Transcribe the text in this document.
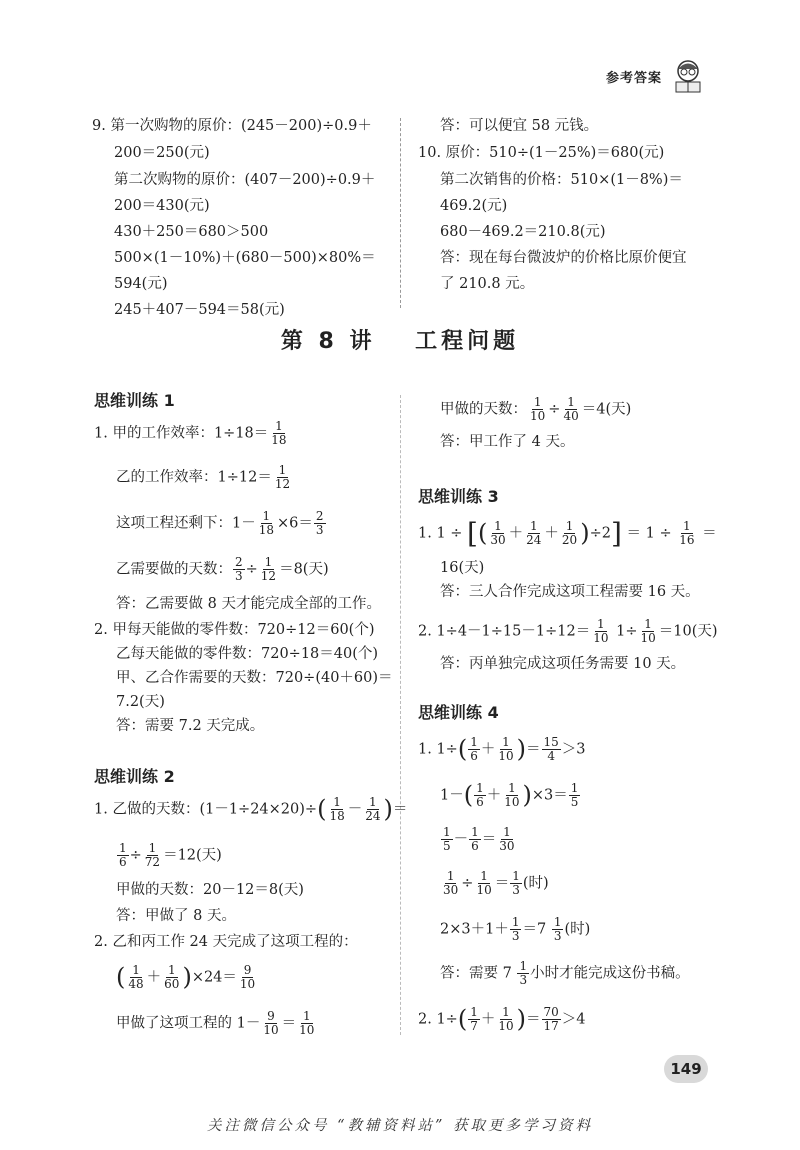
参考答案
9. 第一次购物的原价：(245－200)÷0.9＋
200＝250(元)
第二次购物的原价：(407－200)÷0.9＋
200＝430(元)
430＋250＝680＞500
500×(1－10%)＋(680－500)×80%＝
594(元)
245＋407－594＝58(元)
答：可以便宜 58 元钱。
10. 原价：510÷(1－25%)＝680(元)
第二次销售的价格：510×(1－8%)＝
469.2(元)
680－469.2＝210.8(元)
答：现在每台微波炉的价格比原价便宜
了 210.8 元。
第 8 讲 工程问题
思维训练 1
1. 甲的工作效率：$1\div 18= \frac{1}{18}$
乙的工作效率：$1\div 12= \frac{1}{12}$
这项工程还剩下：$1- \frac{1}{18} \times 6= \frac{2}{3}$
乙需要做的天数： $\frac{2}{3} \div \frac{1}{12} =8$(天)
答：乙需要做 8 天才能完成全部的工作。
2. 甲每天能做的零件数：720÷12＝60(个)
乙每天能做的零件数：720÷18＝40(个)
甲、乙合作需要的天数：720÷(40＋60)＝
7.2(天)
答：需要 7.2 天完成。
思维训练 2
1. 乙做的天数：$(1-1\div 24\times 20)\div( \frac{1}{18} - \frac{1}{24}$ )＝
$\frac{1}{6} \div \frac{1}{72} =12$(天)
甲做的天数：20－12＝8(天)
答：甲做了 8 天。
2. 乙和丙工作 24 天完成了这项工程的：
( $\frac{1}{48} + \frac{1}{60} )\times 24= \frac{9}{10}$
甲做了这项工程的 $1- \frac{9}{10} = \frac{1}{10}$
甲做的天数： $\frac{1}{10} \div \frac{1}{40} =4$(天)
答：甲工作了 4 天。
思维训练 3
1. 1 ÷ [( $\frac{1}{30} + \frac{1}{24} + \frac{1}{20} )\div 2] = 1 \div \frac{1}{16}$ ＝
16(天)
答：三人合作完成这项工程需要 16 天。
2. $1\div 4-1\div 15-1\div 12= \frac{1}{10} 1\div \frac{1}{10} =10$(天)
答：丙单独完成这项任务需要 10 天。
思维训练 4
1. $1\div( \frac{1}{6} + \frac{1}{10}$ )＝ $\frac{15}{4} >3$
$1-( \frac{1}{6} + \frac{1}{10} )\times 3= \frac{1}{5}$
$\frac{1}{5} - \frac{1}{6} = \frac{1}{30}$
$\frac{1}{30} \div \frac{1}{10} = \frac{1}{3}$ (时)
$2\times 3+1+ \frac{1}{3} =7 \frac{1}{3}$ (时)
答：需要 $7 \frac{1}{3}$ 小时才能完成这份书稿。
2. $1\div( \frac{1}{7} + \frac{1}{10}$ )＝ $\frac{70}{17} >4$
149
关注微信公众号 “教辅资料站” 获取更多学习资料
